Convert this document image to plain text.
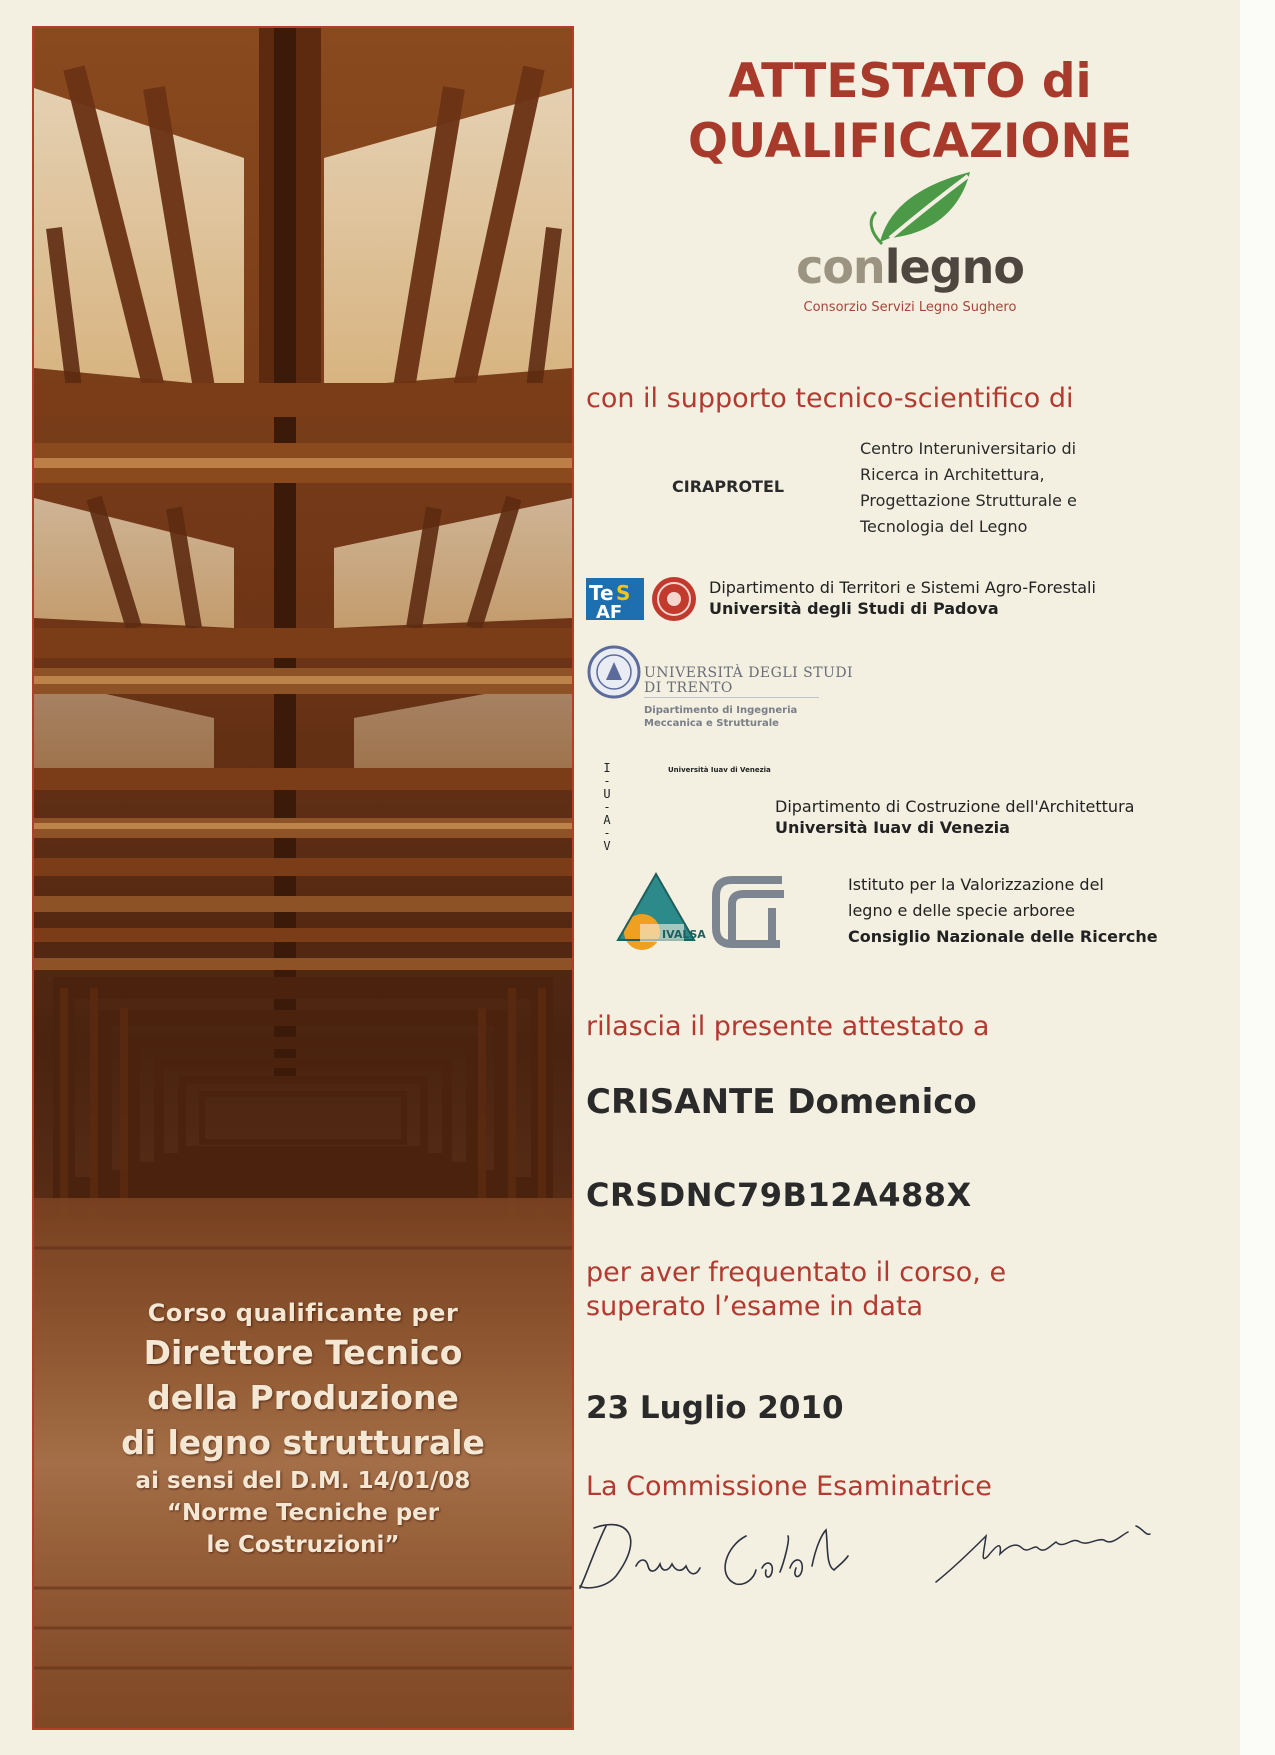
Corso qualificante per
Direttore Tecnico
della Produzione
di legno strutturale
ai sensi del D.M. 14/01/08
“Norme Tecniche per
le Costruzioni”
ATTESTATO di
QUALIFICAZIONE
conlegno
Consorzio Servizi Legno Sughero
con il supporto tecnico-scientifico di
CIRAPROTEL
Centro Interuniversitario di
Ricerca in Architettura,
Progettazione Strutturale e
Tecnologia del Legno
Te S
AF
Dipartimento di Territori e Sistemi Agro-Forestali
Università degli Studi di Padova
UNIVERSITÀ DEGLI STUDI
DI TRENTO
Dipartimento di Ingegneria
Meccanica e Strutturale
I
-
U
-
A
-
V
Università Iuav di Venezia
Dipartimento di Costruzione dell'Architettura
Università Iuav di Venezia
IVALSA
Istituto per la Valorizzazione del
legno e delle specie arboree
Consiglio Nazionale delle Ricerche
rilascia il presente attestato a
CRISANTE Domenico
CRSDNC79B12A488X
per aver frequentato il corso, e
superato l’esame in data
23 Luglio 2010
La Commissione Esaminatrice
